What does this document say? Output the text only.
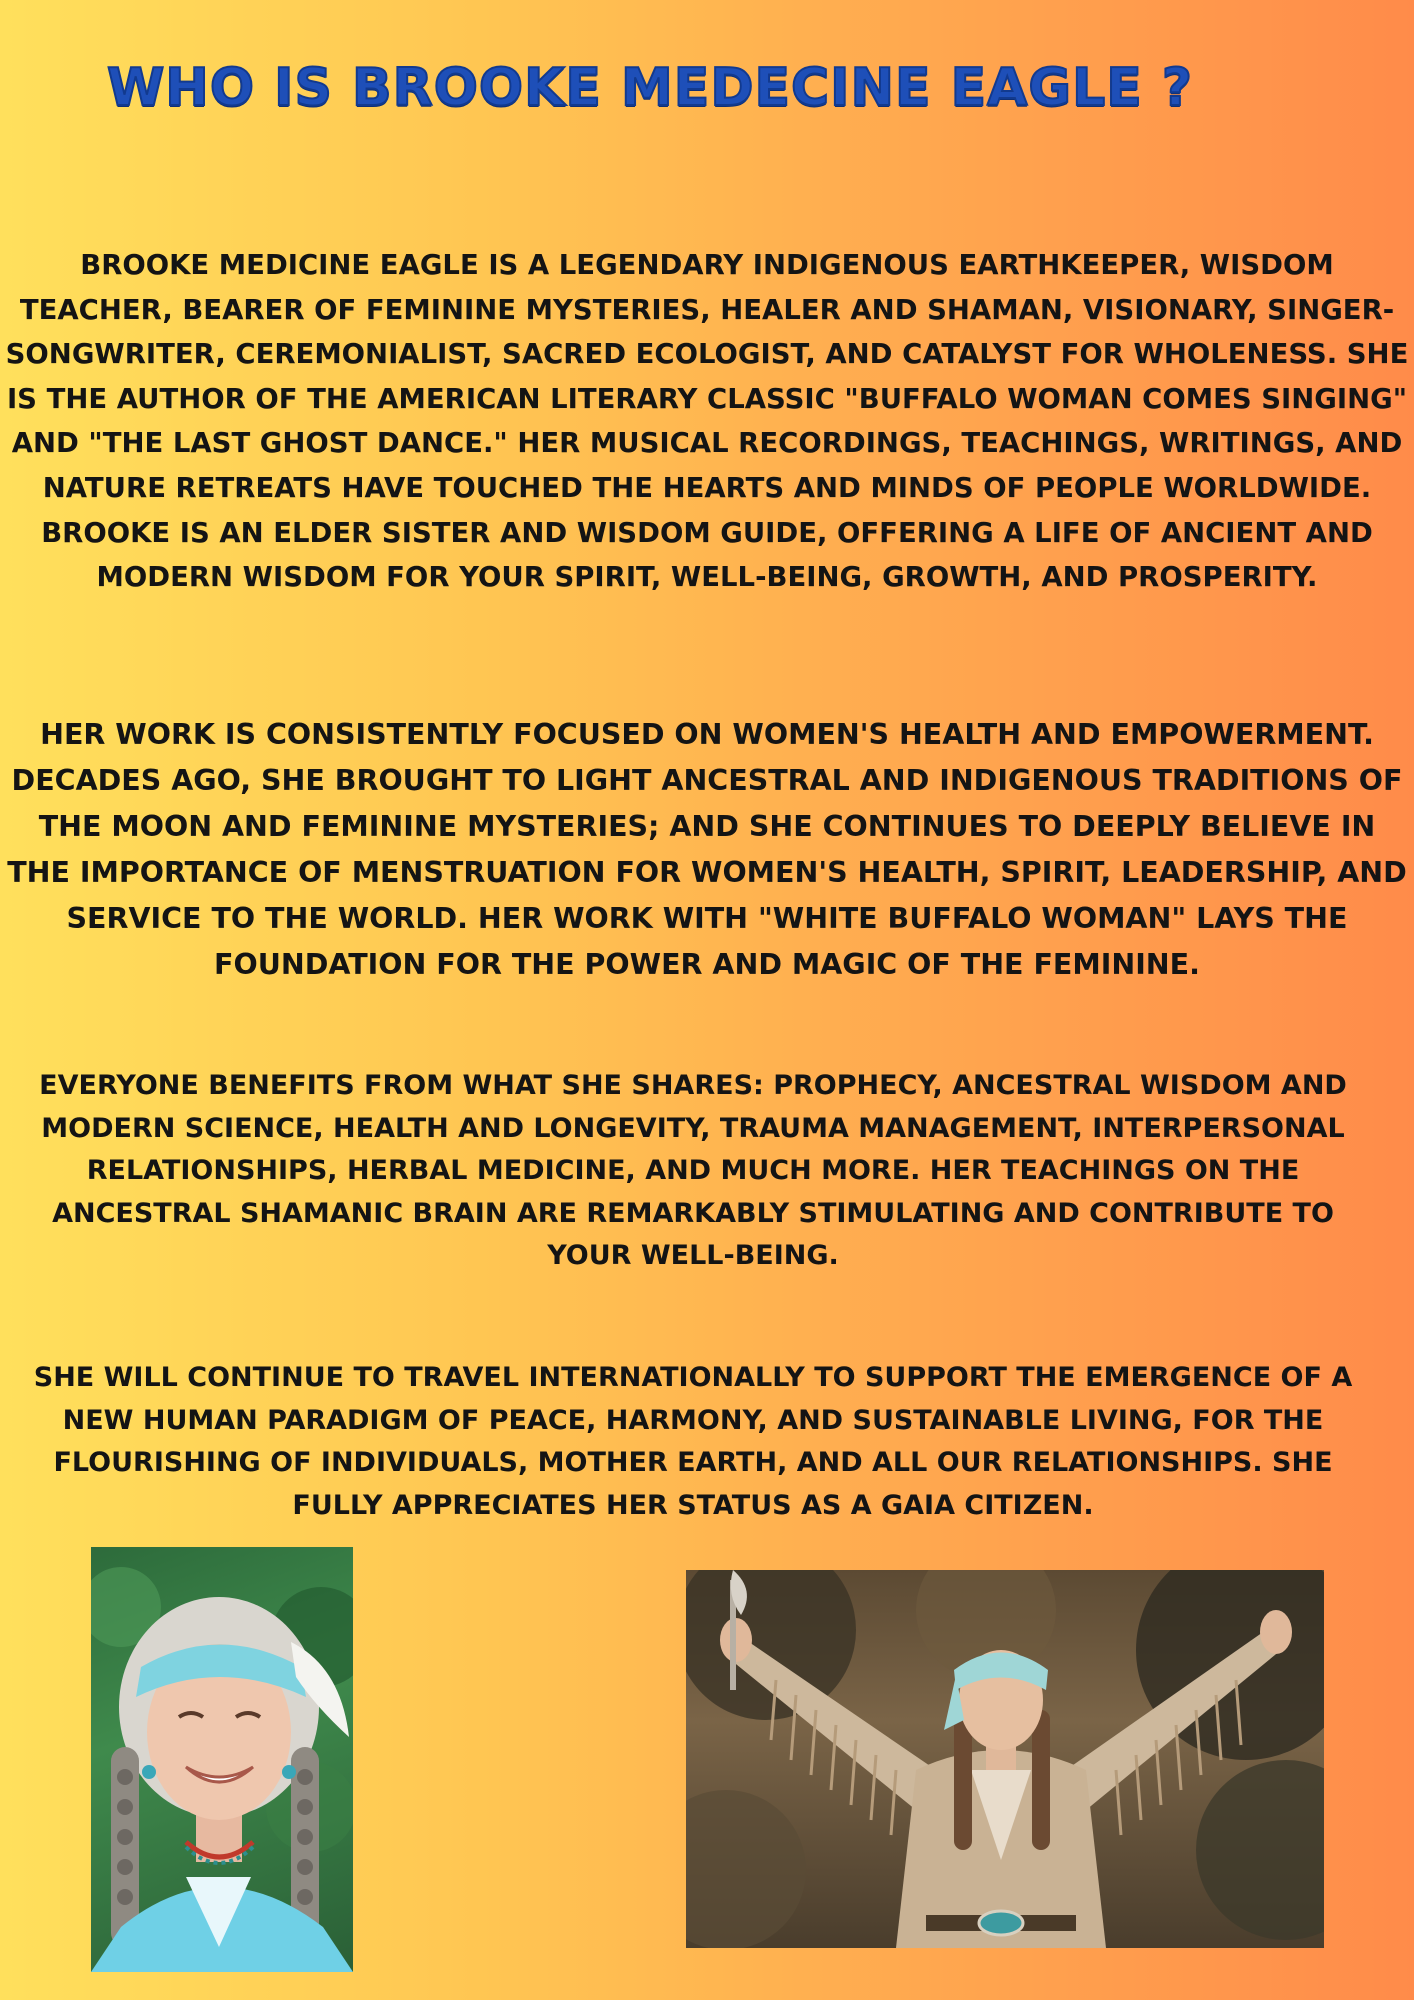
WHO IS BROOKE MEDECINE EAGLE ?

BROOKE MEDICINE EAGLE IS A LEGENDARY INDIGENOUS EARTHKEEPER, WISDOM TEACHER, BEARER OF FEMININE MYSTERIES, HEALER AND SHAMAN, VISIONARY, SINGER-SONGWRITER, CEREMONIALIST, SACRED ECOLOGIST, AND CATALYST FOR WHOLENESS. SHE IS THE AUTHOR OF THE AMERICAN LITERARY CLASSIC "BUFFALO WOMAN COMES SINGING" AND "THE LAST GHOST DANCE." HER MUSICAL RECORDINGS, TEACHINGS, WRITINGS, AND NATURE RETREATS HAVE TOUCHED THE HEARTS AND MINDS OF PEOPLE WORLDWIDE. BROOKE IS AN ELDER SISTER AND WISDOM GUIDE, OFFERING A LIFE OF ANCIENT AND MODERN WISDOM FOR YOUR SPIRIT, WELL-BEING, GROWTH, AND PROSPERITY.

HER WORK IS CONSISTENTLY FOCUSED ON WOMEN'S HEALTH AND EMPOWERMENT. DECADES AGO, SHE BROUGHT TO LIGHT ANCESTRAL AND INDIGENOUS TRADITIONS OF THE MOON AND FEMININE MYSTERIES; AND SHE CONTINUES TO DEEPLY BELIEVE IN THE IMPORTANCE OF MENSTRUATION FOR WOMEN'S HEALTH, SPIRIT, LEADERSHIP, AND SERVICE TO THE WORLD. HER WORK WITH "WHITE BUFFALO WOMAN" LAYS THE FOUNDATION FOR THE POWER AND MAGIC OF THE FEMININE.

EVERYONE BENEFITS FROM WHAT SHE SHARES: PROPHECY, ANCESTRAL WISDOM AND MODERN SCIENCE, HEALTH AND LONGEVITY, TRAUMA MANAGEMENT, INTERPERSONAL RELATIONSHIPS, HERBAL MEDICINE, AND MUCH MORE. HER TEACHINGS ON THE ANCESTRAL SHAMANIC BRAIN ARE REMARKABLY STIMULATING AND CONTRIBUTE TO YOUR WELL-BEING.

SHE WILL CONTINUE TO TRAVEL INTERNATIONALLY TO SUPPORT THE EMERGENCE OF A NEW HUMAN PARADIGM OF PEACE, HARMONY, AND SUSTAINABLE LIVING, FOR THE FLOURISHING OF INDIVIDUALS, MOTHER EARTH, AND ALL OUR RELATIONSHIPS. SHE FULLY APPRECIATES HER STATUS AS A GAIA CITIZEN.
